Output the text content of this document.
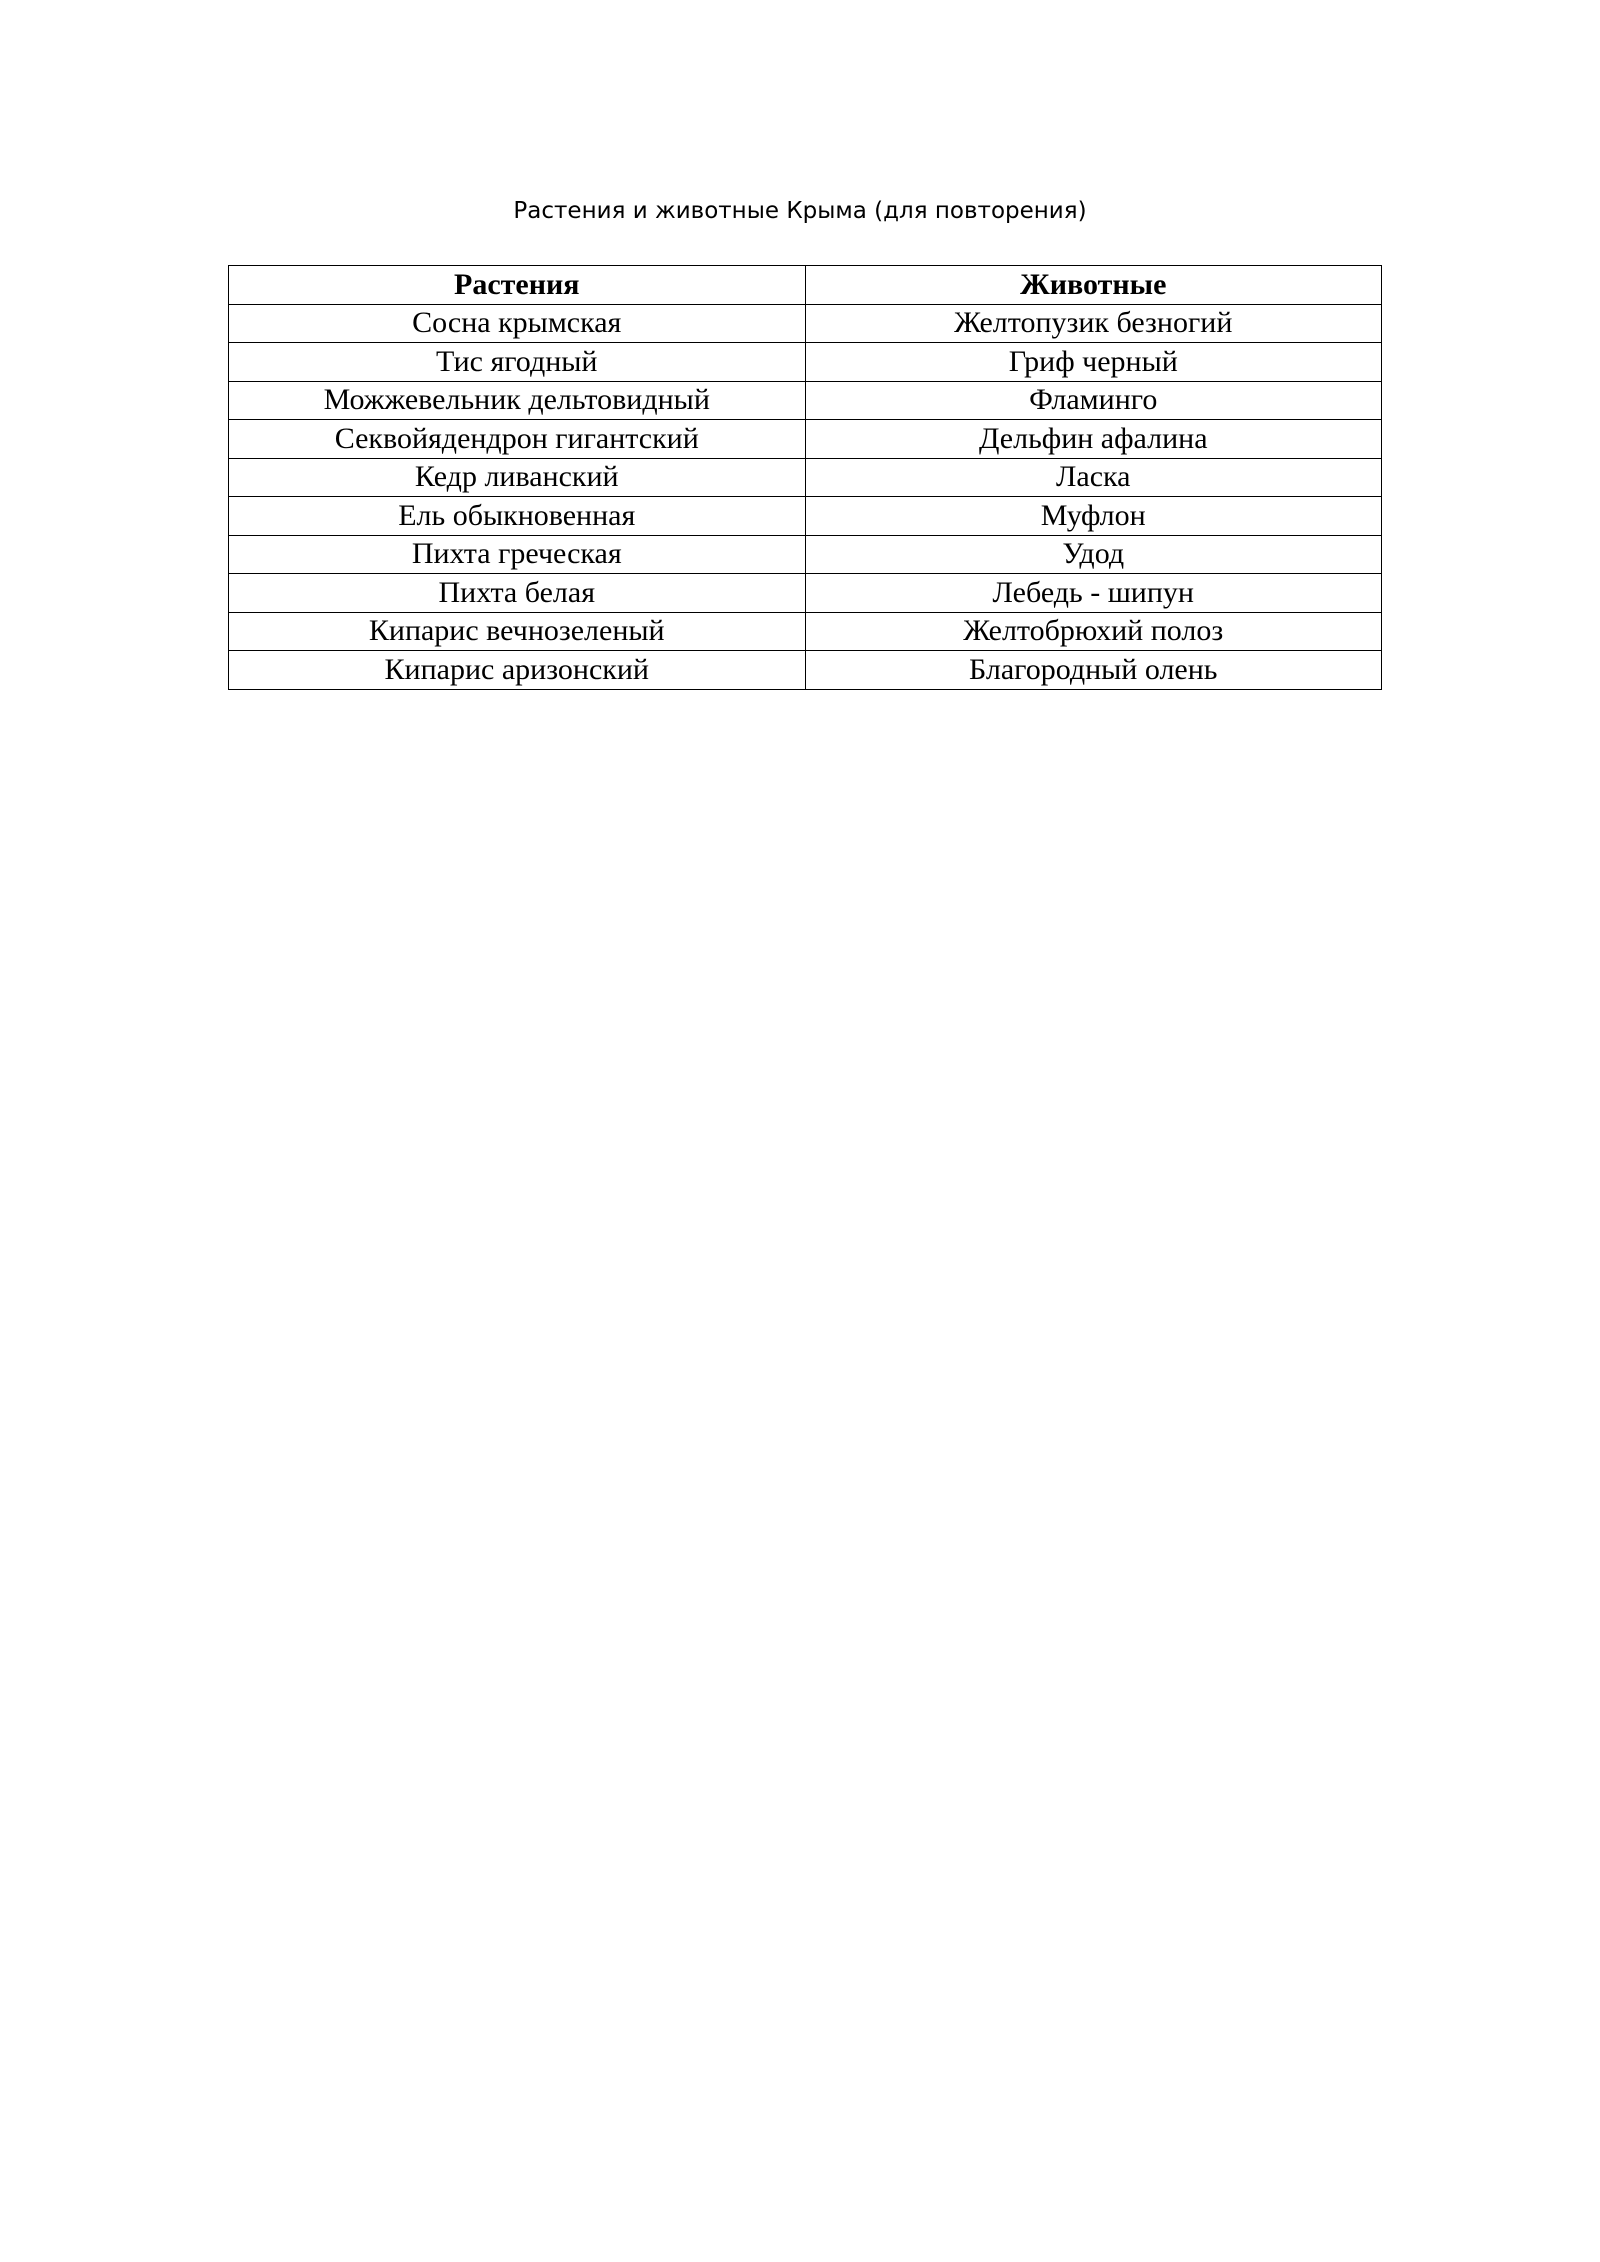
Растения и животные Крыма (для повторения)
Растения	Животные
Сосна крымская	Желтопузик безногий
Тис ягодный	Гриф черный
Можжевельник дельтовидный	Фламинго
Секвойядендрон гигантский	Дельфин афалина
Кедр ливанский	Ласка
Ель обыкновенная	Муфлон
Пихта греческая	Удод
Пихта белая	Лебедь - шипун
Кипарис вечнозеленый	Желтобрюхий полоз
Кипарис аризонский	Благородный олень
